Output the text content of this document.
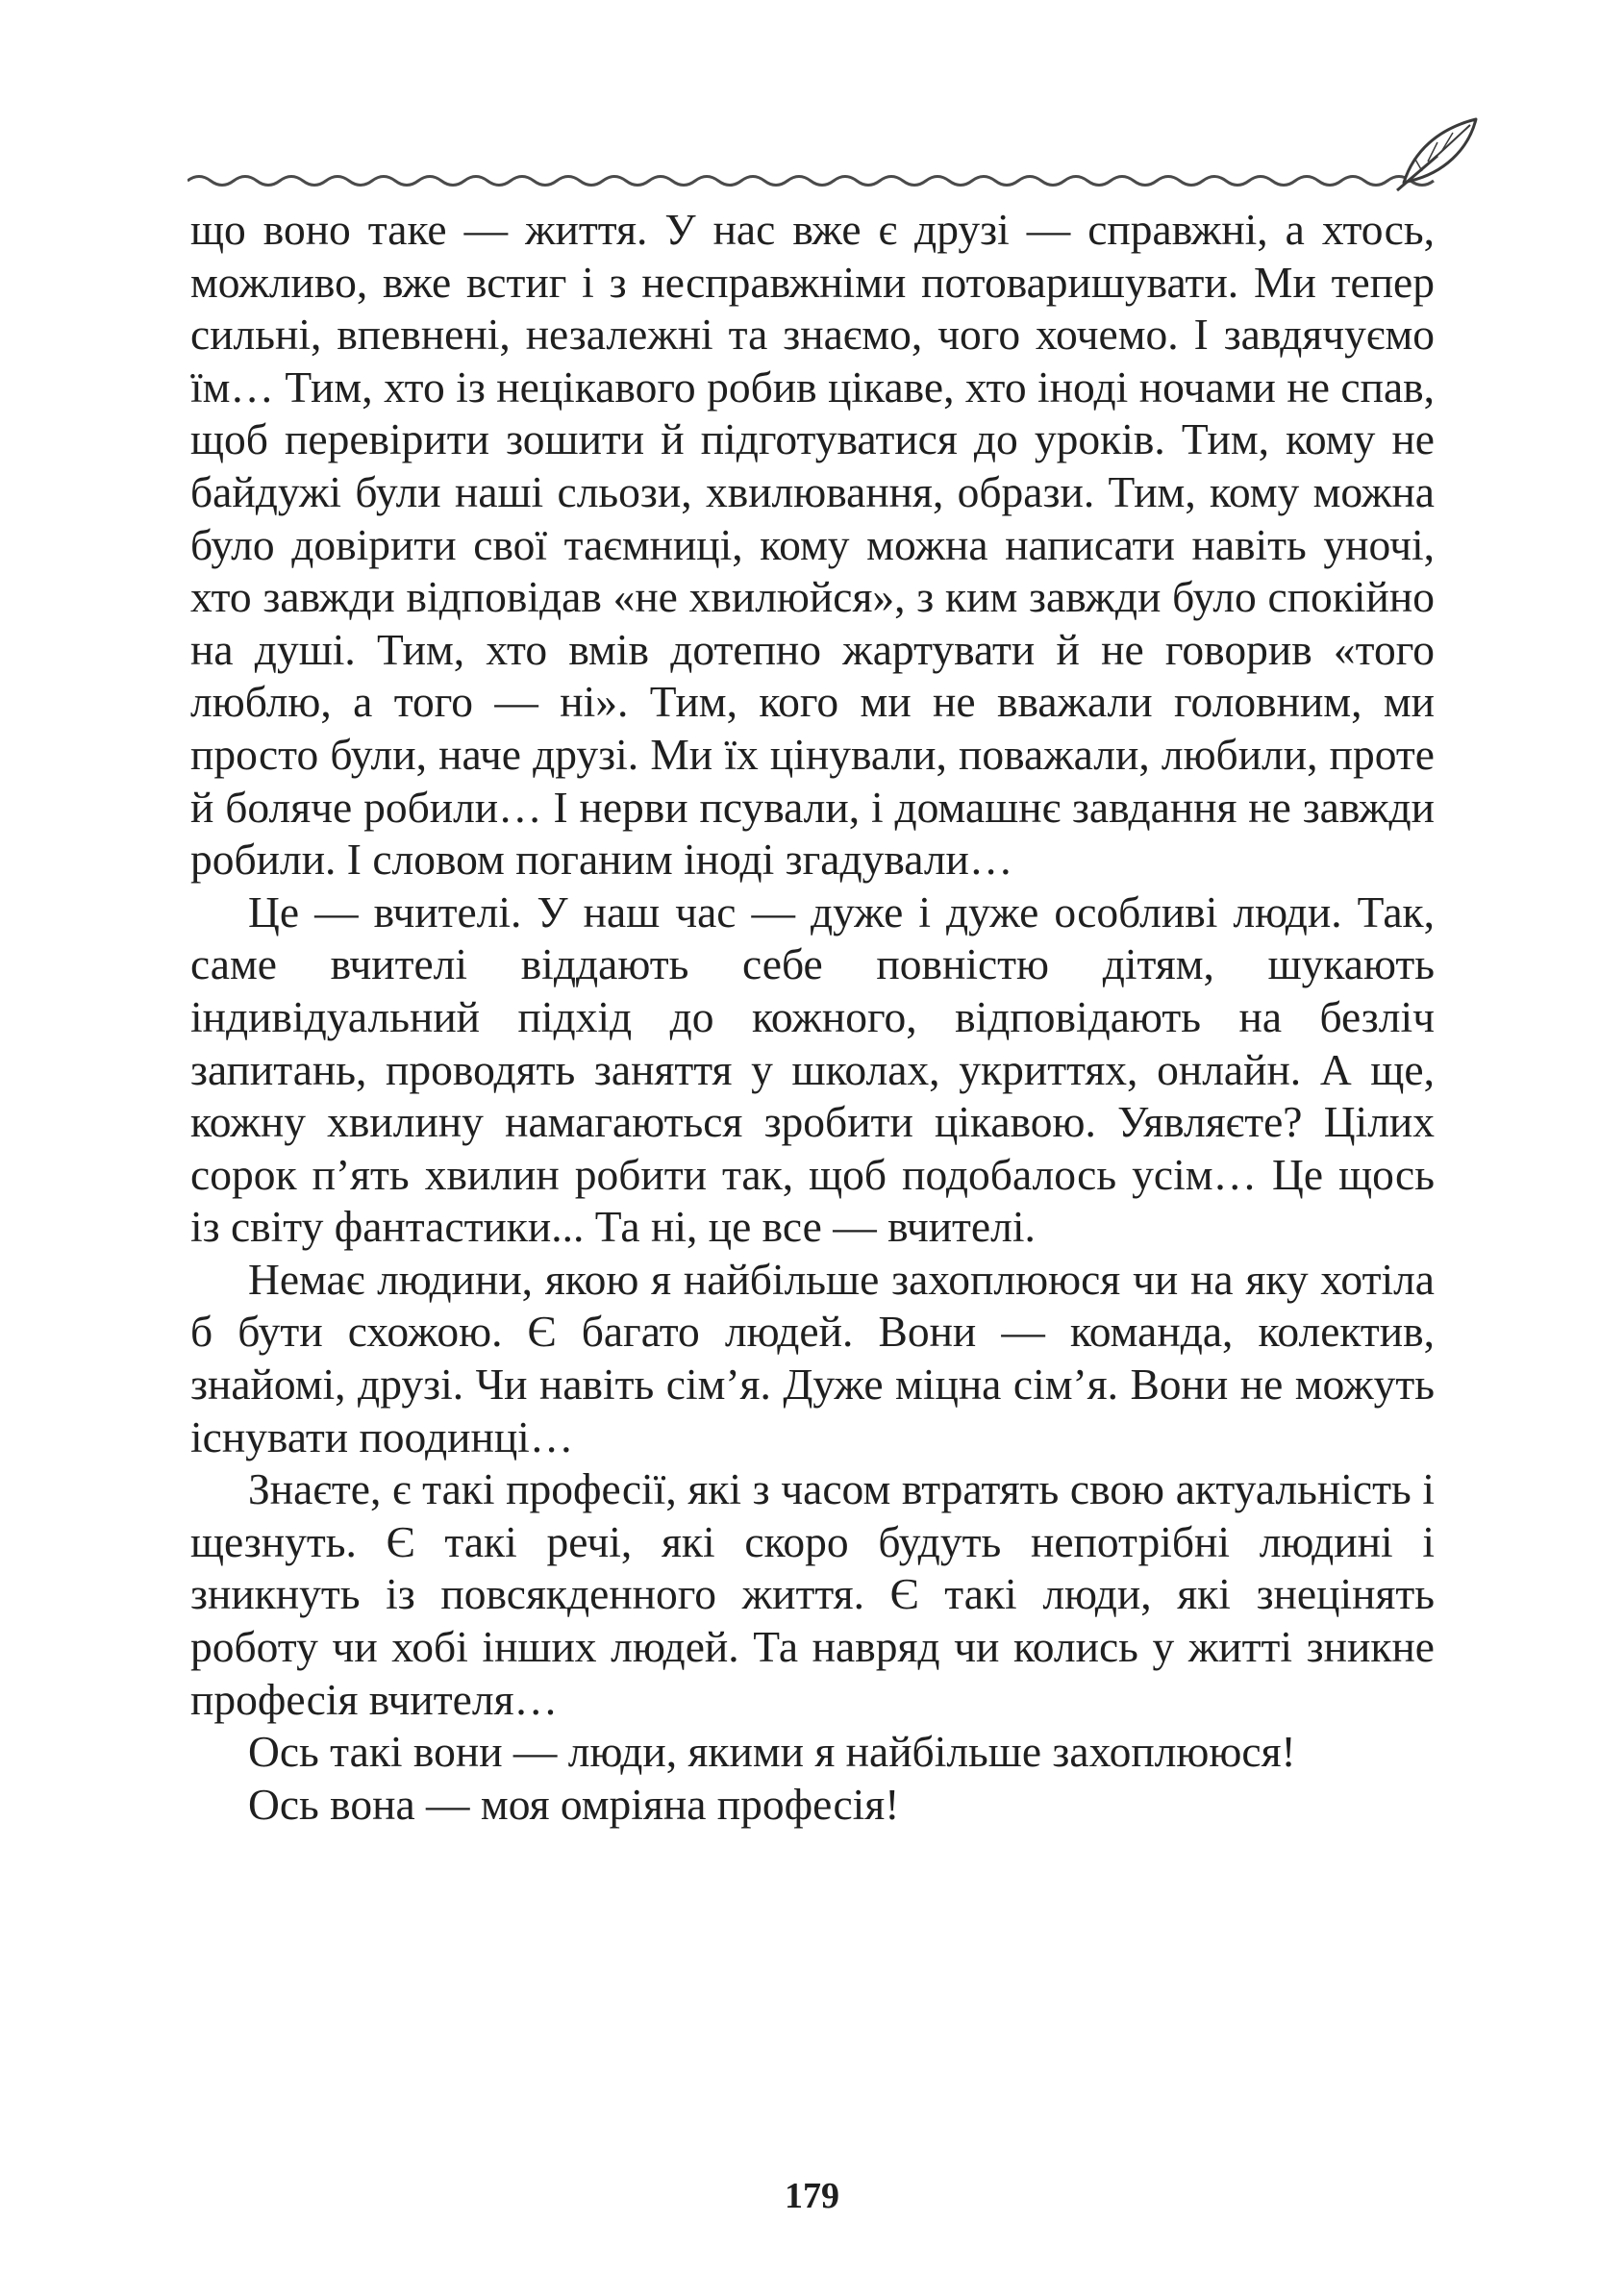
що воно таке — життя. У нас вже є друзі — справжні, а хтось, можливо, вже встиг і з несправжніми потоваришувати. Ми тепер сильні, впевнені, незалежні та знаємо, чого хочемо. І завдячуємо їм… Тим, хто із нецікавого робив цікаве, хто іноді ночами не спав, щоб перевірити зошити й підготуватися до уроків. Тим, кому не байдужі були наші сльози, хвилювання, образи. Тим, кому можна було довірити свої таємниці, кому можна написати навіть уночі, хто завжди відповідав «не хвилюйся», з ким завжди було спокійно на душі. Тим, хто вмів дотепно жартувати й не говорив «того люблю, а того — ні». Тим, кого ми не вважали головним, ми просто були, наче друзі. Ми їх цінували, поважали, любили, проте й боляче робили… І нерви псували, і домашнє завдання не завжди робили. І словом поганим іноді згадували…

Це — вчителі. У наш час — дуже і дуже особливі люди. Так, саме вчителі віддають себе повністю дітям, шукають індивідуальний підхід до кожного, відповідають на безліч запитань, проводять заняття у школах, укриттях, онлайн. А ще, кожну хвилину намагаються зробити цікавою. Уявляєте? Цілих сорок п’ять хвилин робити так, щоб подобалось усім… Це щось із світу фантастики... Та ні, це все — вчителі.

Немає людини, якою я найбільше захоплююся чи на яку хотіла б бути схожою. Є багато людей. Вони — команда, колектив, знайомі, друзі. Чи навіть сім’я. Дуже міцна сім’я. Вони не можуть існувати поодинці…

Знаєте, є такі професії, які з часом втратять свою актуальність і щезнуть. Є такі речі, які скоро будуть непотрібні людині і зникнуть із повсякденного життя. Є такі люди, які знецінять роботу чи хобі інших людей. Та навряд чи колись у житті зникне професія вчителя…

Ось такі вони — люди, якими я найбільше захоплююся!

Ось вона — моя омріяна професія!

179
